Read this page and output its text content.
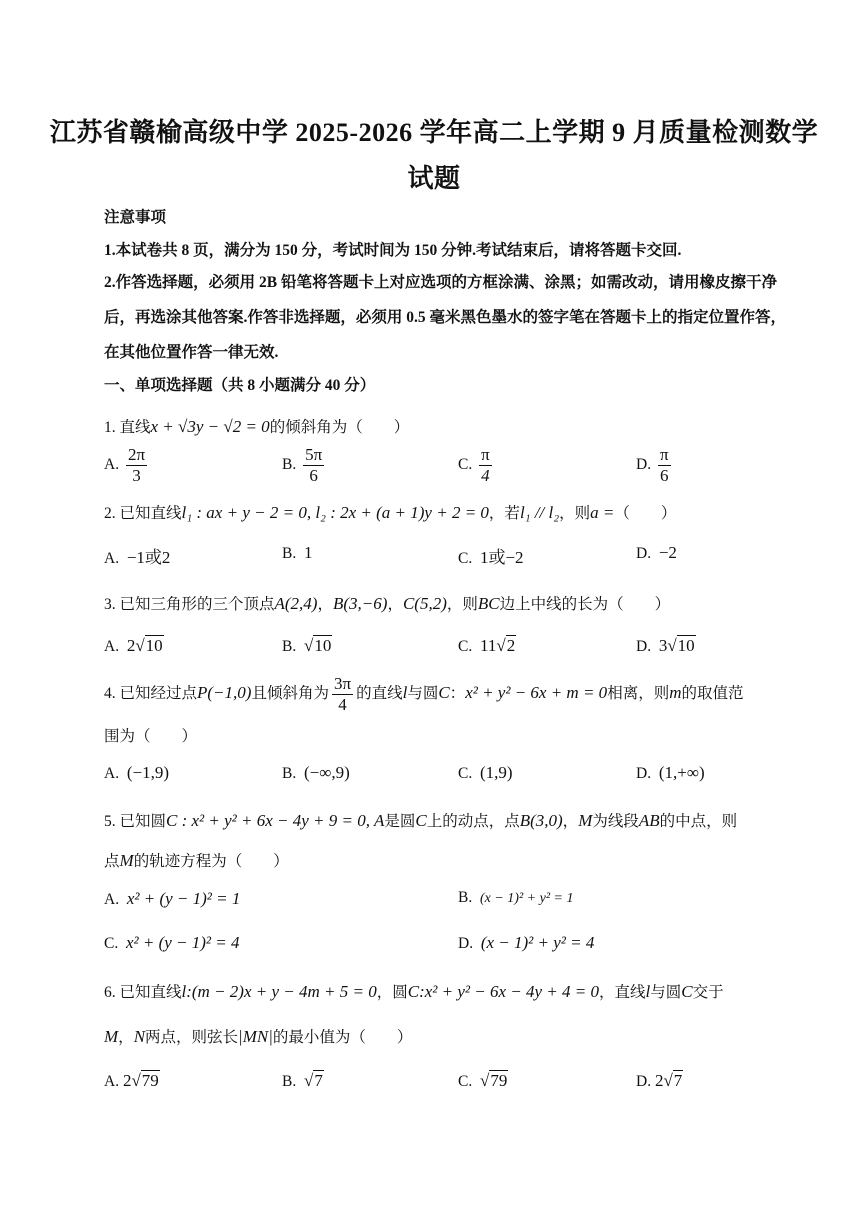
江苏省赣榆高级中学 2025-2026 学年高二上学期 9 月质量检测数学
试题
注意事项
1.本试卷共 8 页，满分为 150 分，考试时间为 150 分钟.考试结束后，请将答题卡交回.
2.作答选择题，必须用 2B 铅笔将答题卡上对应选项的方框涂满、涂黑；如需改动，请用橡皮擦干净
后，再选涂其他答案.作答非选择题，必须用 0.5 毫米黑色墨水的签字笔在答题卡上的指定位置作答，
在其他位置作答一律无效.
一、单项选择题（共 8 小题满分 40 分）
1. 直线x + √3y − √2 = 0的倾斜角为（　　）
A. $\frac{2\pi}{3}$	B. $\frac{5\pi}{6}$	C. $\frac{\pi}{4}$	D. $\frac{\pi}{6}$
2. 已知直线l₁ : ax + y − 2 = 0, l₂ : 2x + (a + 1)y + 2 = 0，若l₁ // l₂，则a =（　　）
A. −1或2	B. 1	C. 1或−2	D. −2
3. 已知三角形的三个顶点A(2,4)，B(3,−6)，C(5,2)，则BC边上中线的长为（　　）
A. 2√10	B. √10	C. 11√2	D. 3√10
4. 已知经过点P(−1,0)且倾斜角为 $\frac{3\pi}{4}$ 的直线l与圆C：x² + y² − 6x + m = 0相离，则m的取值范
围为（　　）
A. (−1,9)	B. (−∞,9)	C. (1,9)	D. (1,+∞)
5. 已知圆C : x² + y² + 6x − 4y + 9 = 0, A是圆C上的动点，点B(3,0)，M为线段AB的中点，则
点M的轨迹方程为（　　）
A. x² + (y − 1)² = 1	B. (x − 1)² + y² = 1
C. x² + (y − 1)² = 4	D. (x − 1)² + y² = 4
6. 已知直线l:(m − 2)x + y − 4m + 5 = 0，圆C:x² + y² − 6x − 4y + 4 = 0，直线l与圆C交于
M，N两点，则弦长|MN|的最小值为（　　）
A. 2√79	B. √7	C. √79	D. 2√7
